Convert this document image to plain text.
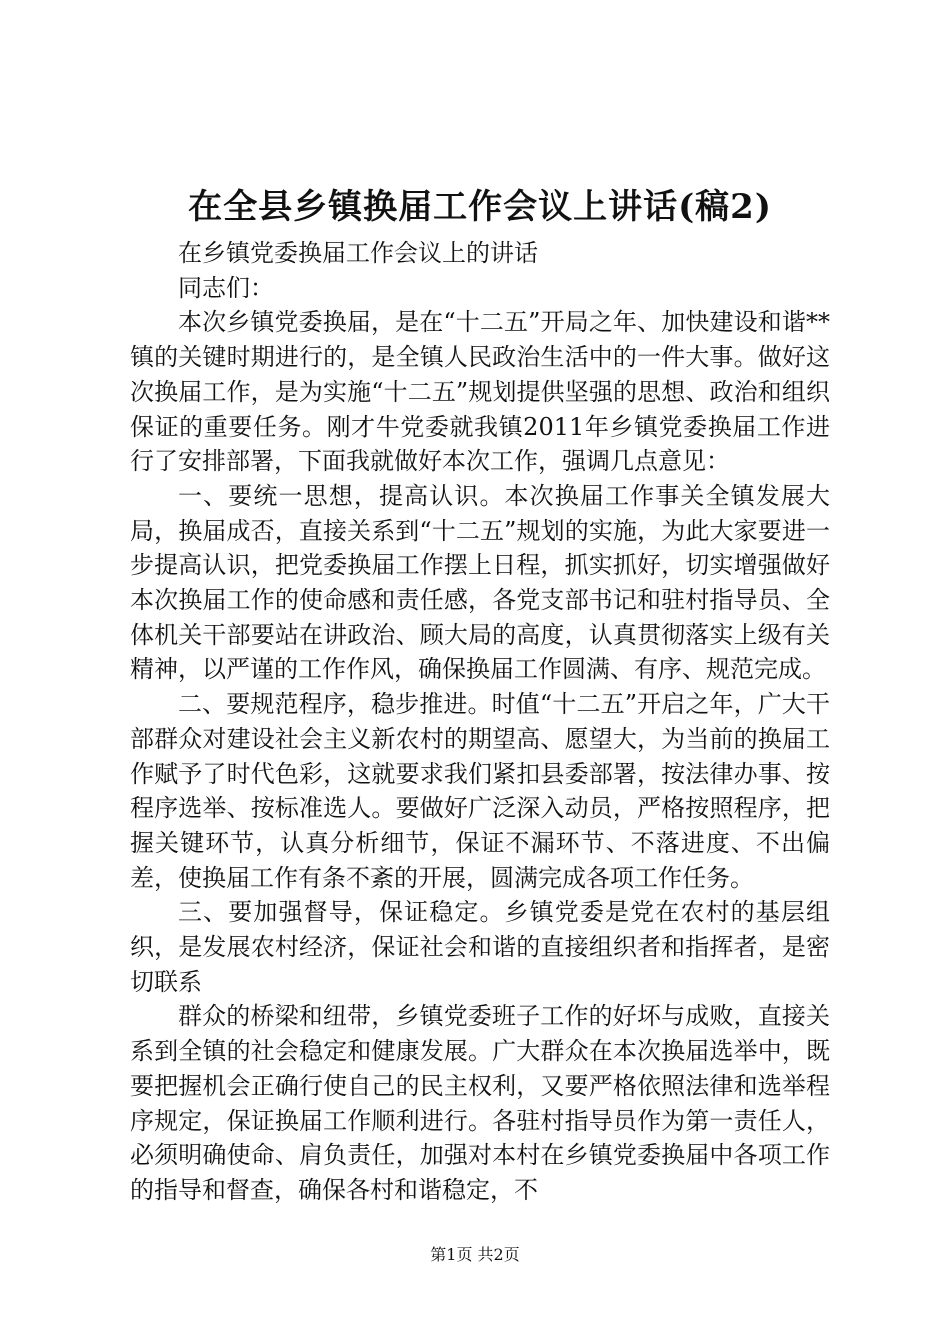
在全县乡镇换届工作会议上讲话(稿2)

在乡镇党委换届工作会议上的讲话

同志们：

本次乡镇党委换届，是在“十二五”开局之年、加快建设和谐**镇的关键时期进行的，是全镇人民政治生活中的一件大事。做好这次换届工作，是为实施“十二五”规划提供坚强的思想、政治和组织保证的重要任务。刚才牛党委就我镇2011年乡镇党委换届工作进行了安排部署，下面我就做好本次工作，强调几点意见：

一、要统一思想，提高认识。本次换届工作事关全镇发展大局，换届成否，直接关系到“十二五”规划的实施，为此大家要进一步提高认识，把党委换届工作摆上日程，抓实抓好，切实增强做好本次换届工作的使命感和责任感，各党支部书记和驻村指导员、全体机关干部要站在讲政治、顾大局的高度，认真贯彻落实上级有关精神，以严谨的工作作风，确保换届工作圆满、有序、规范完成。

二、要规范程序，稳步推进。时值“十二五”开启之年，广大干部群众对建设社会主义新农村的期望高、愿望大，为当前的换届工作赋予了时代色彩，这就要求我们紧扣县委部署，按法律办事、按程序选举、按标准选人。要做好广泛深入动员，严格按照程序，把握关键环节，认真分析细节，保证不漏环节、不落进度、不出偏差，使换届工作有条不紊的开展，圆满完成各项工作任务。

三、要加强督导，保证稳定。乡镇党委是党在农村的基层组织，是发展农村经济，保证社会和谐的直接组织者和指挥者，是密切联系

群众的桥梁和纽带，乡镇党委班子工作的好坏与成败，直接关系到全镇的社会稳定和健康发展。广大群众在本次换届选举中，既要把握机会正确行使自己的民主权利，又要严格依照法律和选举程序规定，保证换届工作顺利进行。各驻村指导员作为第一责任人，必须明确使命、肩负责任，加强对本村在乡镇党委换届中各项工作的指导和督查，确保各村和谐稳定，不

第1页 共2页
